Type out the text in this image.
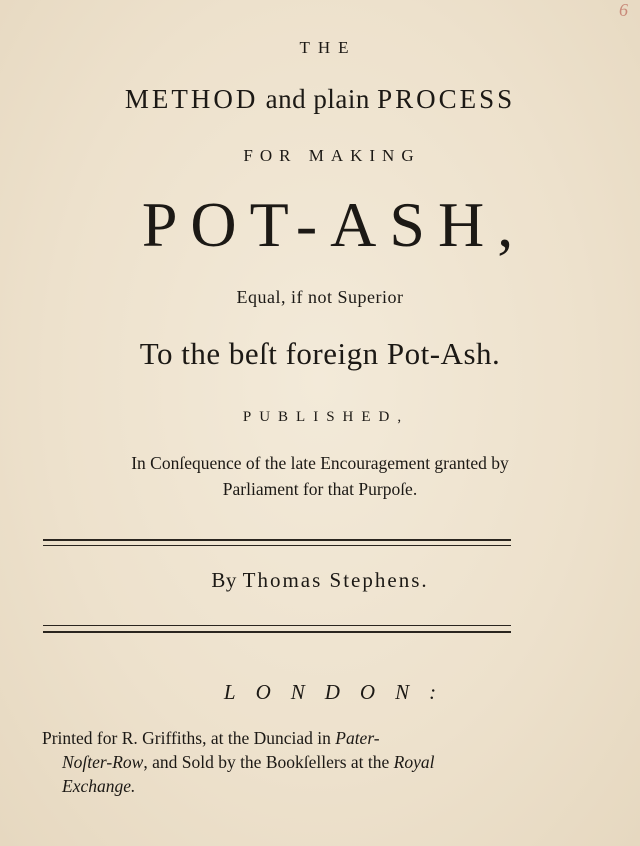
6
THE
METHOD and plain PROCESS
FOR MAKING
POT-ASH,
Equal, if not Superior
To the beſt foreign Pot-Ash.
PUBLISHED,
In Conſequence of the late Encouragement granted by
Parliament for that Purpoſe.
By Thomas Stephens.
LONDON:
Printed for R. Griffiths, at the Dunciad in Pater-
Noſter-Row, and Sold by the Bookſellers at the Royal
Exchange.
